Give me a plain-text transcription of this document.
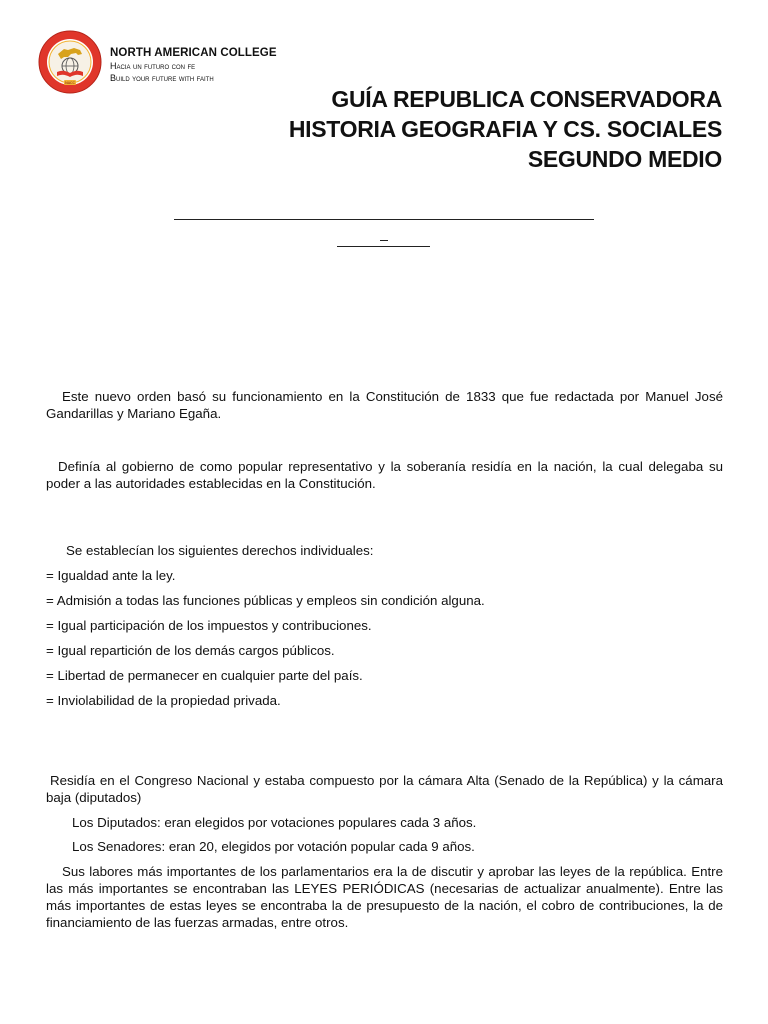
NACC
NORTH AMERICAN COLLEGE
Hacia un futuro con fe
Build your future with faith
GUÍA REPUBLICA CONSERVADORA
HISTORIA GEOGRAFIA Y CS. SOCIALES
SEGUNDO MEDIO
Este nuevo orden basó su funcionamiento en la Constitución de 1833 que fue redactada por Manuel José Gandarillas y Mariano Egaña.
Definía al gobierno de como popular representativo y la soberanía residía en la nación, la cual delegaba su poder a las autoridades establecidas en la Constitución.
Se establecían los siguientes derechos individuales:
= Igualdad ante la ley.
= Admisión a todas las funciones públicas y empleos sin condición alguna.
= Igual participación de los impuestos y contribuciones.
= Igual repartición de los demás cargos públicos.
= Libertad de permanecer en cualquier parte del país.
= Inviolabilidad de la propiedad privada.
Residía en el Congreso Nacional y estaba compuesto por la cámara Alta (Senado de la República) y la cámara baja (diputados)
Los Diputados: eran elegidos por votaciones populares cada 3 años.
Los Senadores: eran 20, elegidos por votación popular cada 9 años.
Sus labores más importantes de los parlamentarios era la de discutir y aprobar las leyes de la república. Entre las más importantes se encontraban las LEYES PERIÓDICAS (necesarias de actualizar anualmente). Entre las más importantes de estas leyes se encontraba la de presupuesto de la nación, el cobro de contribuciones, la de financiamiento de las fuerzas armadas, entre otros.
